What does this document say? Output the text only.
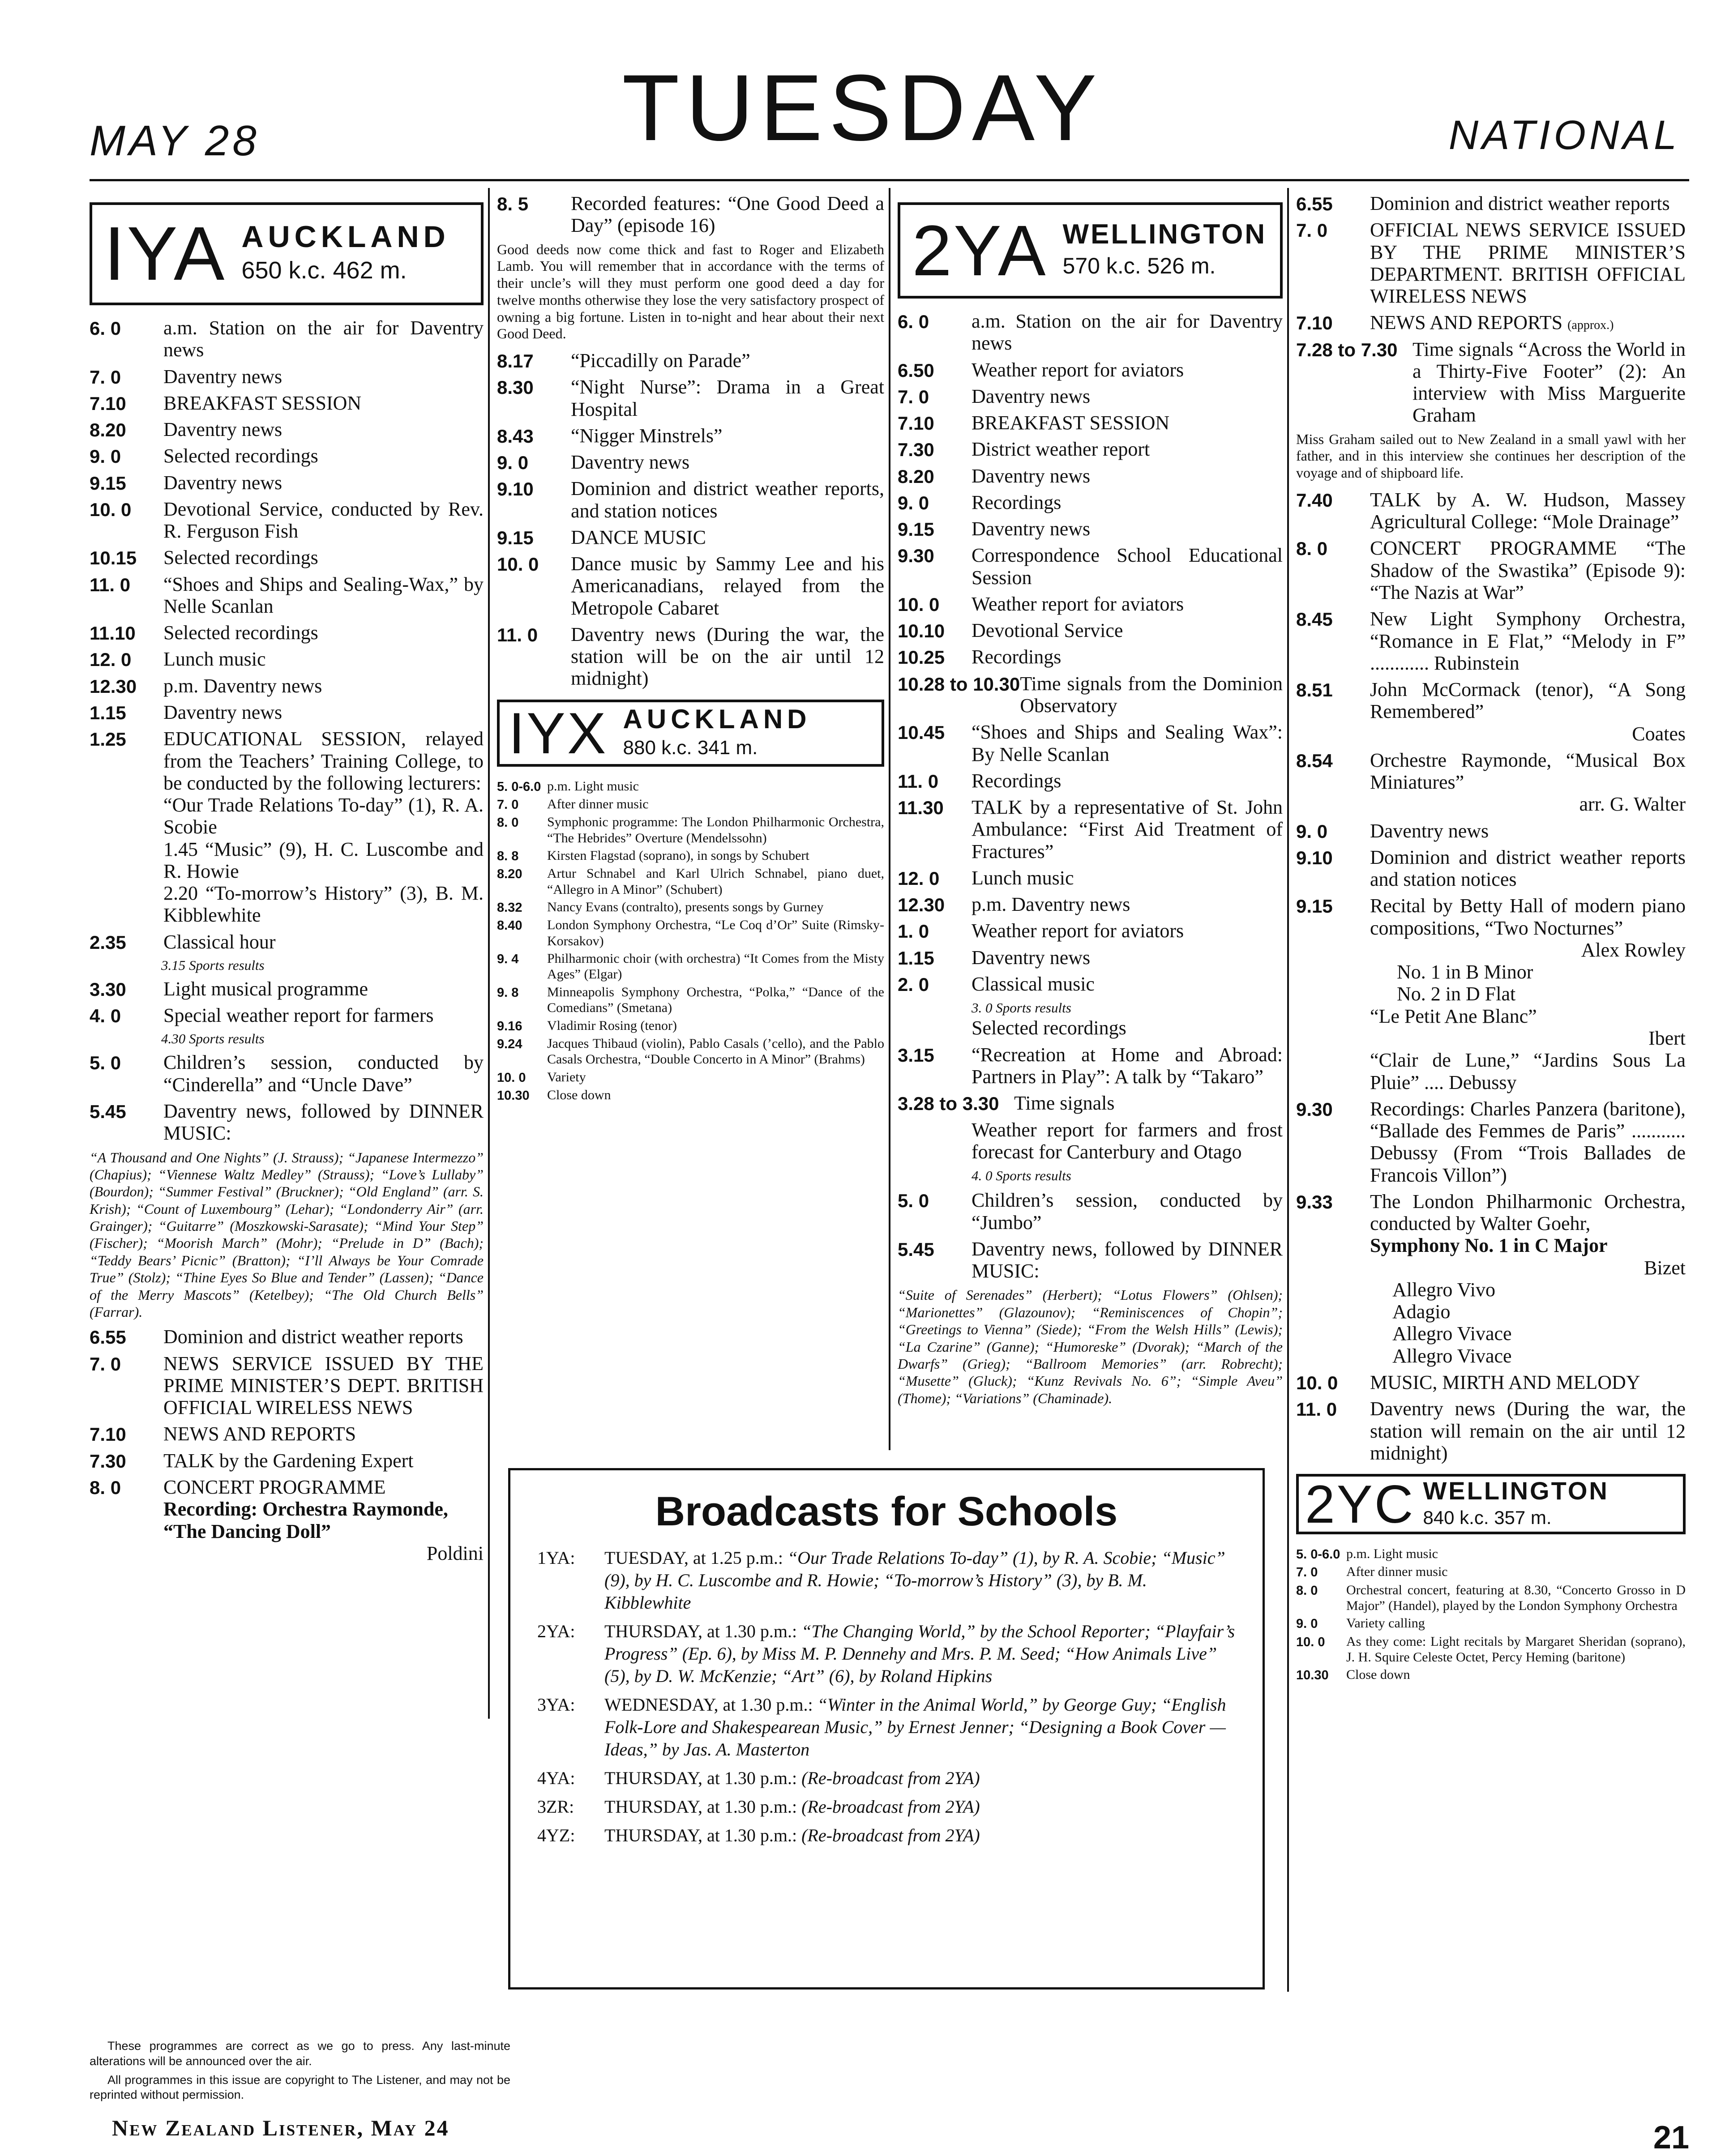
MAY 28	TUESDAY	NATIONAL
IYA AUCKLAND
650 k.c. 462 m.
6. 0	a.m. Station on the air for Daventry news
7. 0	Daventry news
7.10	BREAKFAST SESSION
8.20	Daventry news
9. 0	Selected recordings
9.15	Daventry news
10. 0	Devotional Service, conducted by Rev. R. Ferguson Fish
10.15	Selected recordings
11. 0	“Shoes and Ships and Sealing-Wax,” by Nelle Scanlan
11.10	Selected recordings
12. 0	Lunch music
12.30	p.m. Daventry news
1.15	Daventry news
1.25	EDUCATIONAL SESSION, relayed from the Teachers’ Training College, to be conducted by the following lecturers:
“Our Trade Relations To-day” (1), R. A. Scobie
1.45 “Music” (9), H. C. Luscombe and R. Howie
2.20 “To-morrow’s History” (3), B. M. Kibblewhite
2.35	Classical hour
3.15 Sports results
3.30	Light musical programme
4. 0	Special weather report for farmers
4.30 Sports results
5. 0	Children’s session, conducted by “Cinderella” and “Uncle Dave”
5.45	Daventry news, followed by DINNER MUSIC:
“A Thousand and One Nights” (J. Strauss); “Japanese Intermezzo” (Chapius); “Viennese Waltz Medley” (Strauss); “Love’s Lullaby” (Bourdon); “Summer Festival” (Bruckner); “Old England” (arr. S. Krish); “Count of Luxembourg” (Lehar); “Londonderry Air” (arr. Grainger); “Guitarre” (Moszkowski-Sarasate); “Mind Your Step” (Fischer); “Moorish March” (Mohr); “Prelude in D” (Bach); “Teddy Bears’ Picnic” (Bratton); “I’ll Always be Your Comrade True” (Stolz); “Thine Eyes So Blue and Tender” (Lassen); “Dance of the Merry Mascots” (Ketelbey); “The Old Church Bells” (Farrar).
6.55	Dominion and district weather reports
7. 0	NEWS SERVICE ISSUED BY THE PRIME MINISTER’S DEPT. BRITISH OFFICIAL WIRELESS NEWS
7.10	NEWS AND REPORTS
7.30	TALK by the Gardening Expert
8. 0	CONCERT PROGRAMME
Recording: Orchestra Raymonde,
“The Dancing Doll”

Poldini
8. 5	Recorded features: “One Good Deed a Day” (episode 16)
Good deeds now come thick and fast to Roger and Elizabeth Lamb. You will remember that in accordance with the terms of their uncle’s will they must perform one good deed a day for twelve months otherwise they lose the very satisfactory prospect of owning a big fortune. Listen in to-night and hear about their next Good Deed.
8.17	“Piccadilly on Parade”
8.30	“Night Nurse”: Drama in a Great Hospital
8.43	“Nigger Minstrels”
9. 0	Daventry news
9.10	Dominion and district weather reports, and station notices
9.15	DANCE MUSIC
10. 0	Dance music by Sammy Lee and his Americanadians, relayed from the Metropole Cabaret
11. 0	Daventry news (During the war, the station will be on the air until 12 midnight)
IYX AUCKLAND
880 k.c. 341 m.
5. 0-6.0 p.m. Light music
7. 0	After dinner music
8. 0	Symphonic programme: The London Philharmonic Orchestra, “The Hebrides” Overture (Mendelssohn)
8. 8	Kirsten Flagstad (soprano), in songs by Schubert
8.20	Artur Schnabel and Karl Ulrich Schnabel, piano duet, “Allegro in A Minor” (Schubert)
8.32	Nancy Evans (contralto), presents songs by Gurney
8.40	London Symphony Orchestra, “Le Coq d’Or” Suite (Rimsky-Korsakov)
9. 4	Philharmonic choir (with orchestra) “It Comes from the Misty Ages” (Elgar)
9. 8	Minneapolis Symphony Orchestra, “Polka,” “Dance of the Comedians” (Smetana)
9.16	Vladimir Rosing (tenor)
9.24	Jacques Thibaud (violin), Pablo Casals (’cello), and the Pablo Casals Orchestra, “Double Concerto in A Minor” (Brahms)
10. 0	Variety
10.30	Close down
2YA WELLINGTON
570 k.c. 526 m.
6. 0	a.m. Station on the air for Daventry news
6.50	Weather report for aviators
7. 0	Daventry news
7.10	BREAKFAST SESSION
7.30	District weather report
8.20	Daventry news
9. 0	Recordings
9.15	Daventry news
9.30	Correspondence School Educational Session
10. 0	Weather report for aviators
10.10	Devotional Service
10.25	Recordings
10.28 to 10.30 Time signals from the Dominion Observatory
10.45	“Shoes and Ships and Sealing Wax”: By Nelle Scanlan
11. 0	Recordings
11.30	TALK by a representative of St. John Ambulance: “First Aid Treatment of Fractures”
12. 0	Lunch music
12.30	p.m. Daventry news
1. 0	Weather report for aviators
1.15	Daventry news
2. 0	Classical music
3. 0 Sports results
Selected recordings
3.15	“Recreation at Home and Abroad: Partners in Play”: A talk by “Takaro”
3.28 to 3.30 Time signals
Weather report for farmers and frost forecast for Canterbury and Otago
4. 0 Sports results
5. 0	Children’s session, conducted by “Jumbo”
5.45	Daventry news, followed by DINNER MUSIC:
“Suite of Serenades” (Herbert); “Lotus Flowers” (Ohlsen); “Marionettes” (Glazounov); “Reminiscences of Chopin”; “Greetings to Vienna” (Siede); “From the Welsh Hills” (Lewis); “La Czarine” (Ganne); “Humoreske” (Dvorak); “March of the Dwarfs” (Grieg); “Ballroom Memories” (arr. Robrecht); “Musette” (Gluck); “Kunz Revivals No. 6”; “Simple Aveu” (Thome); “Variations” (Chaminade).
6.55	Dominion and district weather reports
7. 0	OFFICIAL NEWS SERVICE ISSUED BY THE PRIME MINISTER’S DEPARTMENT. BRITISH OFFICIAL WIRELESS NEWS
7.10	NEWS AND REPORTS (approx.)
7.28 to 7.30 Time signals “Across the World in a Thirty-Five Footer” (2): An interview with Miss Marguerite Graham
Miss Graham sailed out to New Zealand in a small yawl with her father, and in this interview she continues her description of the voyage and of shipboard life.
7.40	TALK by A. W. Hudson, Massey Agricultural College: “Mole Drainage”
8. 0	CONCERT PROGRAMME “The Shadow of the Swastika” (Episode 9): “The Nazis at War”
8.45	New Light Symphony Orchestra, “Romance in E Flat,” “Melody in F” ............ Rubinstein
8.51	John McCormack (tenor), “A Song Remembered”
Coates
8.54	Orchestre Raymonde, “Musical Box Miniatures”
arr. G. Walter
9. 0	Daventry news
9.10	Dominion and district weather reports and station notices
9.15	Recital by Betty Hall of modern piano compositions, “Two Nocturnes”
Alex Rowley
No. 1 in B Minor
No. 2 in D Flat
“Le Petit Ane Blanc”
Ibert
“Clair de Lune,” “Jardins Sous La Pluie” .... Debussy
9.30	Recordings: Charles Panzera (baritone), “Ballade des Femmes de Paris” ........... Debussy (From “Trois Ballades de Francois Villon”)
9.33	The London Philharmonic Orchestra, conducted by Walter Goehr,
Symphony No. 1 in C Major
Bizet
Allegro Vivo
Adagio
Allegro Vivace
Allegro Vivace
10. 0	MUSIC, MIRTH AND MELODY
11. 0	Daventry news (During the war, the station will remain on the air until 12 midnight)
2YC WELLINGTON
840 k.c. 357 m.
5. 0-6.0 p.m. Light music
7. 0	After dinner music
8. 0	Orchestral concert, featuring at 8.30, “Concerto Grosso in D Major” (Handel), played by the London Symphony Orchestra
9. 0	Variety calling
10. 0	As they come: Light recitals by Margaret Sheridan (soprano), J. H. Squire Celeste Octet, Percy Heming (baritone)
10.30	Close down
Broadcasts for Schools
1YA:	TUESDAY, at 1.25 p.m.: “Our Trade Relations To-day” (1), by R. A. Scobie; “Music” (9), by H. C. Luscombe and R. Howie; “To-morrow’s History” (3), by B. M. Kibblewhite
2YA:	THURSDAY, at 1.30 p.m.: “The Changing World,” by the School Reporter; “Playfair’s Progress” (Ep. 6), by Miss M. P. Dennehy and Mrs. P. M. Seed; “How Animals Live” (5), by D. W. McKenzie; “Art” (6), by Roland Hipkins
3YA:	WEDNESDAY, at 1.30 p.m.: “Winter in the Animal World,” by George Guy; “English Folk-Lore and Shakespearean Music,” by Ernest Jenner; “Designing a Book Cover — Ideas,” by Jas. A. Masterton
4YA:	THURSDAY, at 1.30 p.m.: (Re-broadcast from 2YA)
3ZR:	THURSDAY, at 1.30 p.m.: (Re-broadcast from 2YA)
4YZ:	THURSDAY, at 1.30 p.m.: (Re-broadcast from 2YA)
These programmes are correct as we go to press. Any last-minute alterations will be announced over the air.
All programmes in this issue are copyright to The Listener, and may not be reprinted without permission.
New Zealand Listener, May 24	21
